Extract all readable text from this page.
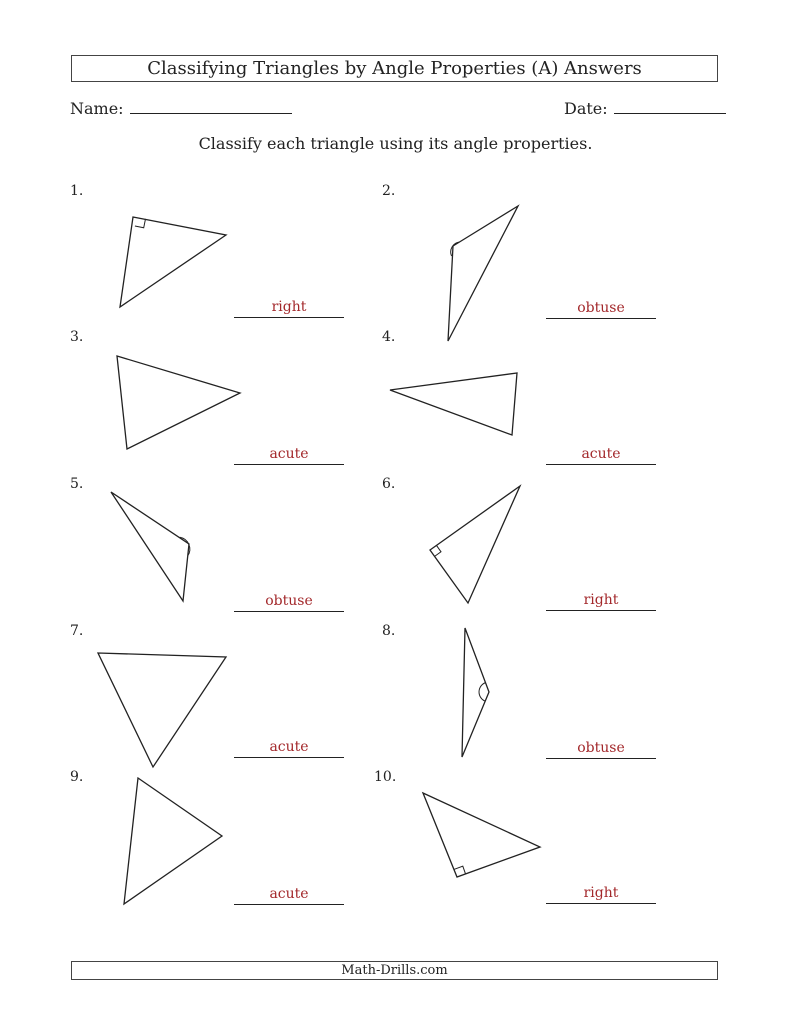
Classifying Triangles by Angle Properties (A) Answers
Name:	Date:
Classify each triangle using its angle properties.
1.	2.
3.	4.
5.	6.
7.	8.
9.	10.
right	obtuse
acute	acute
obtuse	right
acute	obtuse
acute	right
Math-Drills.com
